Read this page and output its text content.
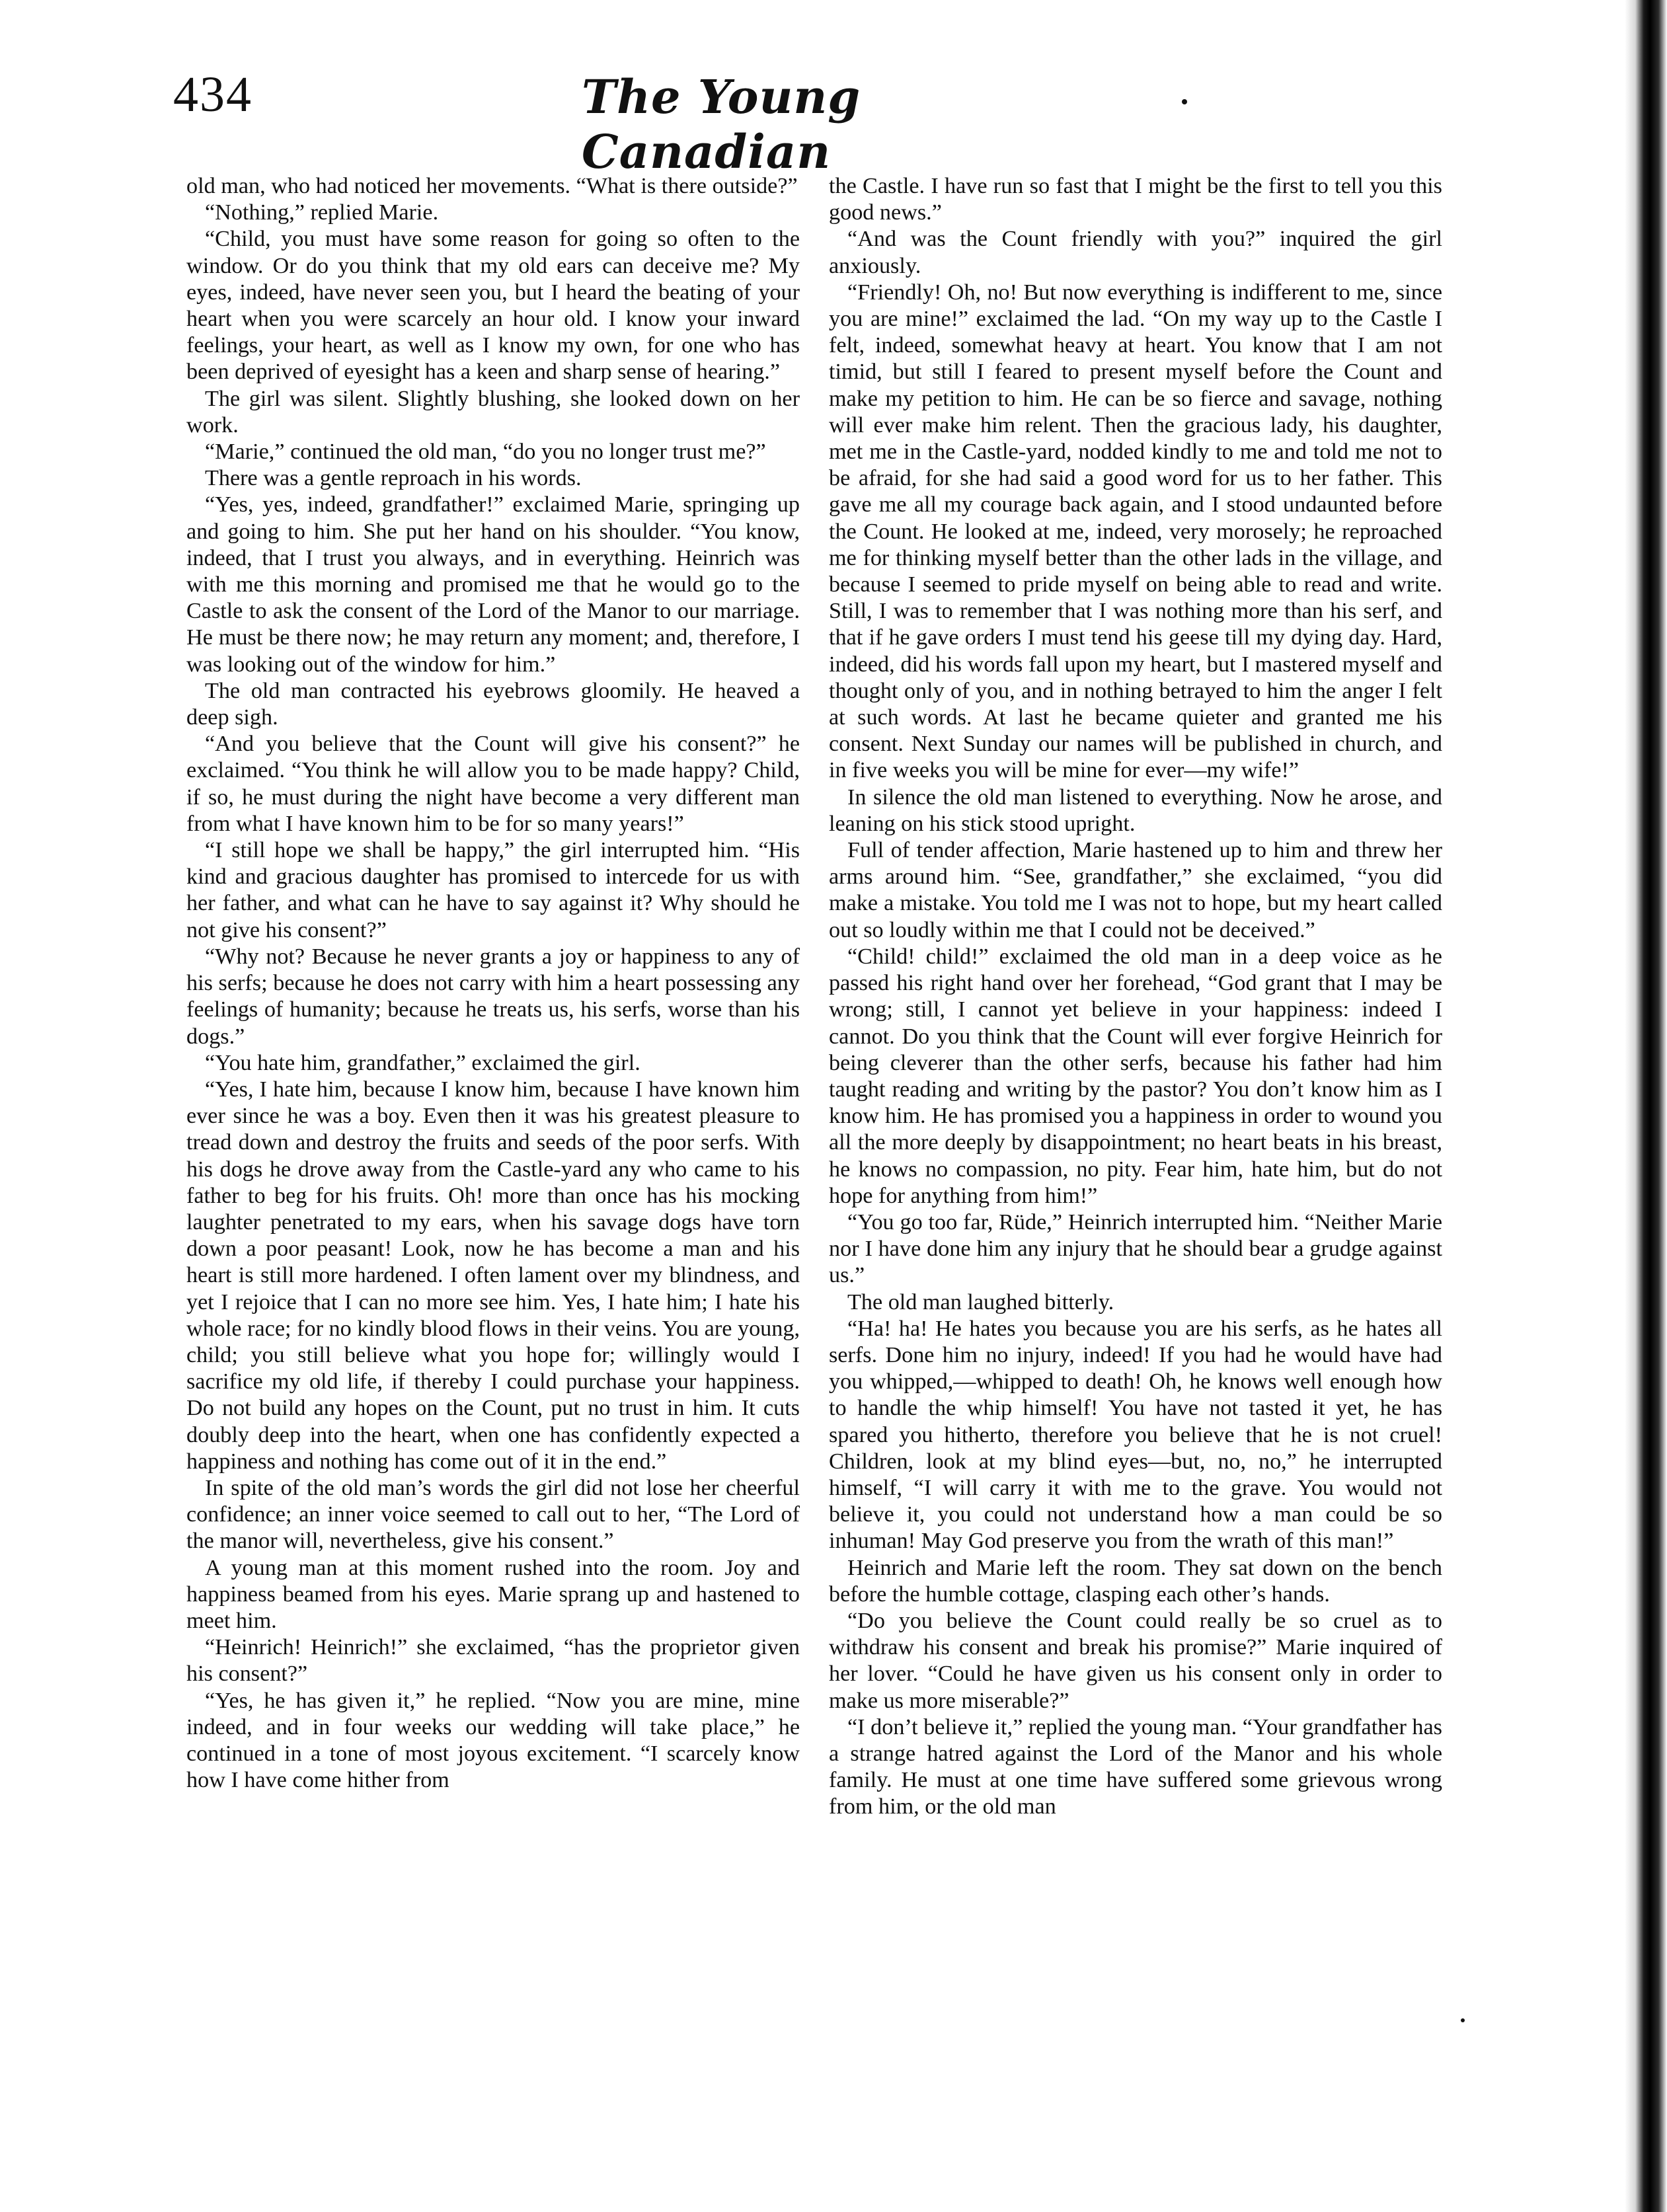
434	The Young Canadian

old man, who had noticed her movements. “What is there outside?”

“Nothing,” replied Marie.

“Child, you must have some reason for going so often to the window. Or do you think that my old ears can deceive me? My eyes, indeed, have never seen you, but I heard the beating of your heart when you were scarcely an hour old. I know your inward feelings, your heart, as well as I know my own, for one who has been deprived of eyesight has a keen and sharp sense of hearing.”

The girl was silent. Slightly blushing, she looked down on her work.

“Marie,” continued the old man, “do you no longer trust me?”

There was a gentle reproach in his words.

“Yes, yes, indeed, grandfather!” exclaimed Marie, springing up and going to him. She put her hand on his shoulder. “You know, indeed, that I trust you always, and in everything. Heinrich was with me this morning and promised me that he would go to the Castle to ask the consent of the Lord of the Manor to our marriage. He must be there now; he may return any moment; and, therefore, I was looking out of the window for him.”

The old man contracted his eyebrows gloomily. He heaved a deep sigh.

“And you believe that the Count will give his consent?” he exclaimed. “You think he will allow you to be made happy? Child, if so, he must during the night have become a very different man from what I have known him to be for so many years!”

“I still hope we shall be happy,” the girl interrupted him. “His kind and gracious daughter has promised to intercede for us with her father, and what can he have to say against it? Why should he not give his consent?”

“Why not? Because he never grants a joy or happiness to any of his serfs; because he does not carry with him a heart possessing any feelings of humanity; because he treats us, his serfs, worse than his dogs.”

“You hate him, grandfather,” exclaimed the girl.

“Yes, I hate him, because I know him, because I have known him ever since he was a boy. Even then it was his greatest pleasure to tread down and destroy the fruits and seeds of the poor serfs. With his dogs he drove away from the Castle-yard any who came to his father to beg for his fruits. Oh! more than once has his mocking laughter penetrated to my ears, when his savage dogs have torn down a poor peasant! Look, now he has become a man and his heart is still more hardened. I often lament over my blindness, and yet I rejoice that I can no more see him. Yes, I hate him; I hate his whole race; for no kindly blood flows in their veins. You are young, child; you still believe what you hope for; willingly would I sacrifice my old life, if thereby I could purchase your happiness. Do not build any hopes on the Count, put no trust in him. It cuts doubly deep into the heart, when one has confidently expected a happiness and nothing has come out of it in the end.”

In spite of the old man’s words the girl did not lose her cheerful confidence; an inner voice seemed to call out to her, “The Lord of the manor will, nevertheless, give his consent.”

A young man at this moment rushed into the room. Joy and happiness beamed from his eyes. Marie sprang up and hastened to meet him.

“Heinrich! Heinrich!” she exclaimed, “has the proprietor given his consent?”

“Yes, he has given it,” he replied. “Now you are mine, mine indeed, and in four weeks our wedding will take place,” he continued in a tone of most joyous excitement. “I scarcely know how I have come hither from

the Castle. I have run so fast that I might be the first to tell you this good news.”

“And was the Count friendly with you?” inquired the girl anxiously.

“Friendly! Oh, no! But now everything is indifferent to me, since you are mine!” exclaimed the lad. “On my way up to the Castle I felt, indeed, somewhat heavy at heart. You know that I am not timid, but still I feared to present myself before the Count and make my petition to him. He can be so fierce and savage, nothing will ever make him relent. Then the gracious lady, his daughter, met me in the Castle-yard, nodded kindly to me and told me not to be afraid, for she had said a good word for us to her father. This gave me all my courage back again, and I stood undaunted before the Count. He looked at me, indeed, very morosely; he reproached me for thinking myself better than the other lads in the village, and because I seemed to pride myself on being able to read and write. Still, I was to remember that I was nothing more than his serf, and that if he gave orders I must tend his geese till my dying day. Hard, indeed, did his words fall upon my heart, but I mastered myself and thought only of you, and in nothing betrayed to him the anger I felt at such words. At last he became quieter and granted me his consent. Next Sunday our names will be published in church, and in five weeks you will be mine for ever—my wife!”

In silence the old man listened to everything. Now he arose, and leaning on his stick stood upright.

Full of tender affection, Marie hastened up to him and threw her arms around him. “See, grandfather,” she exclaimed, “you did make a mistake. You told me I was not to hope, but my heart called out so loudly within me that I could not be deceived.”

“Child! child!” exclaimed the old man in a deep voice as he passed his right hand over her forehead, “God grant that I may be wrong; still, I cannot yet believe in your happiness: indeed I cannot. Do you think that the Count will ever forgive Heinrich for being cleverer than the other serfs, because his father had him taught reading and writing by the pastor? You don’t know him as I know him. He has promised you a happiness in order to wound you all the more deeply by disappointment; no heart beats in his breast, he knows no compassion, no pity. Fear him, hate him, but do not hope for anything from him!”

“You go too far, Rüde,” Heinrich interrupted him. “Neither Marie nor I have done him any injury that he should bear a grudge against us.”

The old man laughed bitterly.

“Ha! ha! He hates you because you are his serfs, as he hates all serfs. Done him no injury, indeed! If you had he would have had you whipped,—whipped to death! Oh, he knows well enough how to handle the whip himself! You have not tasted it yet, he has spared you hitherto, therefore you believe that he is not cruel! Children, look at my blind eyes—but, no, no,” he interrupted himself, “I will carry it with me to the grave. You would not believe it, you could not understand how a man could be so inhuman! May God preserve you from the wrath of this man!”

Heinrich and Marie left the room. They sat down on the bench before the humble cottage, clasping each other’s hands.

“Do you believe the Count could really be so cruel as to withdraw his consent and break his promise?” Marie inquired of her lover. “Could he have given us his consent only in order to make us more miserable?”

“I don’t believe it,” replied the young man. “Your grandfather has a strange hatred against the Lord of the Manor and his whole family. He must at one time have suffered some grievous wrong from him, or the old man
